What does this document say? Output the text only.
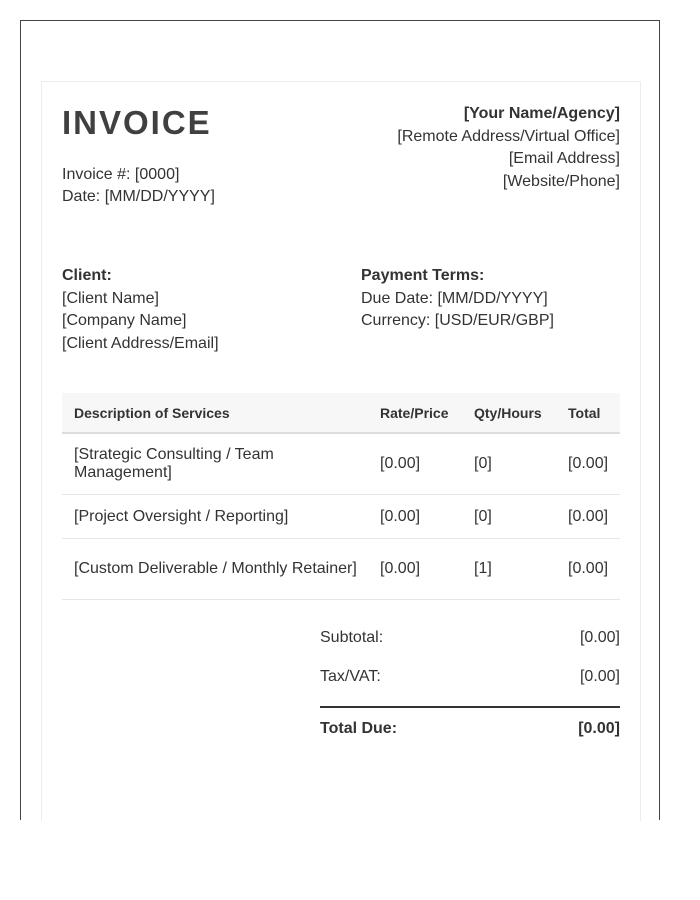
INVOICE
Invoice #: [0000]
Date: [MM/DD/YYYY]
[Your Name/Agency]
[Remote Address/Virtual Office]
[Email Address]
[Website/Phone]
Client:
[Client Name]
[Company Name]
[Client Address/Email]
Payment Terms:
Due Date: [MM/DD/YYYY]
Currency: [USD/EUR/GBP]
Description of Services	Rate/Price	Qty/Hours	Total
[Strategic Consulting / Team Management]	[0.00]	[0]	[0.00]
[Project Oversight / Reporting]	[0.00]	[0]	[0.00]
[Custom Deliverable / Monthly Retainer]	[0.00]	[1]	[0.00]
Subtotal:	[0.00]
Tax/VAT:	[0.00]
Total Due:	[0.00]
